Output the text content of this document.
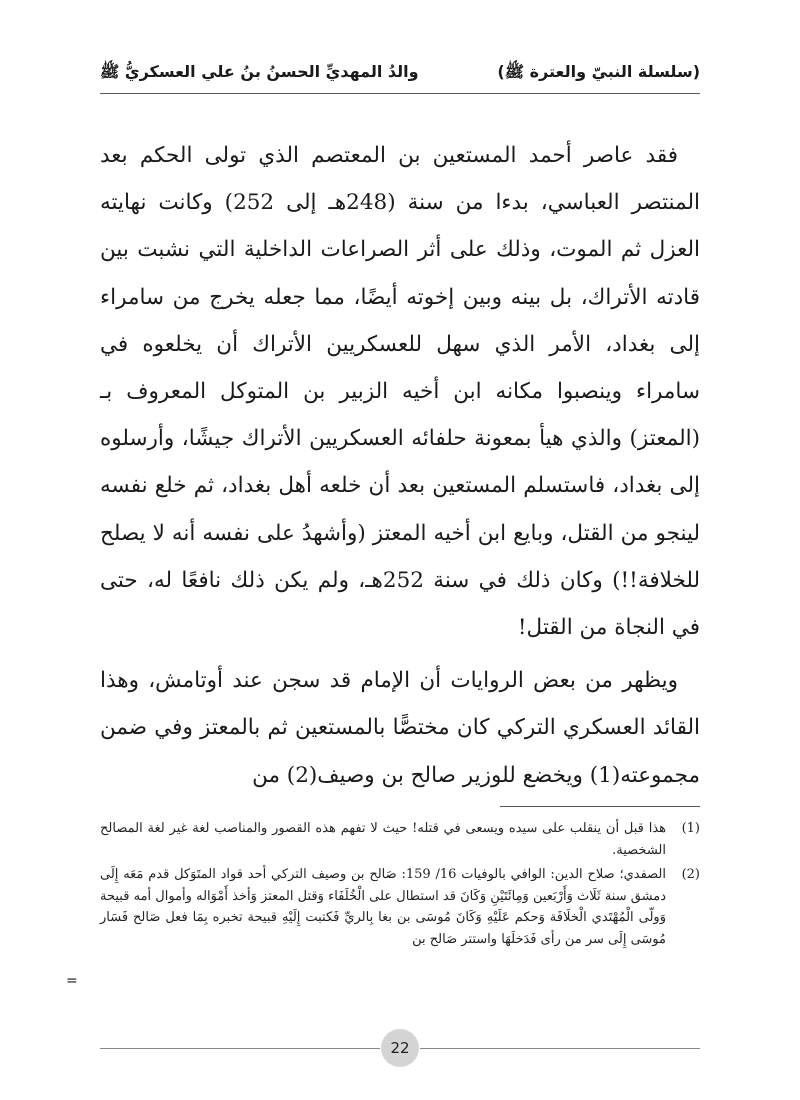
والدُ المهديِّ الحسنُ بنُ علي العسكريُّ ﷺ	(سلسلة النبيّ والعترة ﷺ)

فقد عاصر أحمد المستعين بن المعتصم الذي تولى الحكم بعد المنتصر العباسي، بدءا من سنة (248هـ إلى 252) وكانت نهايته العزل ثم الموت، وذلك على أثر الصراعات الداخلية التي نشبت بين قادته الأتراك، بل بينه وبين إخوته أيضًا، مما جعله يخرج من سامراء إلى بغداد، الأمر الذي سهل للعسكريين الأتراك أن يخلعوه في سامراء وينصبوا مكانه ابن أخيه الزبير بن المتوكل المعروف بـ (المعتز) والذي هيأ بمعونة حلفائه العسكريين الأتراك جيشًا، وأرسلوه إلى بغداد، فاستسلم المستعين بعد أن خلعه أهل بغداد، ثم خلع نفسه لينجو من القتل، وبايع ابن أخيه المعتز (وأشهدُ على نفسه أنه لا يصلح للخلافة!!) وكان ذلك في سنة 252هـ، ولم يكن ذلك نافعًا له، حتى في النجاة من القتل!

ويظهر من بعض الروايات أن الإمام قد سجن عند أوتامش، وهذا القائد العسكري التركي كان مختصًّا بالمستعين ثم بالمعتز وفي ضمن مجموعته(1) ويخضع للوزير صالح بن وصيف(2) من

(1)
هذا قبل أن ينقلب على سيده ويسعى في قتله! حيث لا تفهم هذه القصور والمناصب لغة غير لغة المصالح الشخصية.
(2)
الصفدي؛ صلاح الدين: الوافي بالوفيات 16/ 159: صَالح بن وصيف التركي أحد قواد المتَوَكل قدم مَعَه إِلَى دمشق سنة ثَلَاث وَأَرْبَعين وَمِائَتَيْنِ وَكَانَ قد استطال على الْخُلَفَاء وَقتل المعتز وَأخذ أَمْوَاله وأموال أمه قبيحة وَولّى الْمُهْتَدي الْخلَافَة وَحكم عَلَيْهِ وَكَانَ مُوسَى بن بغا بِالريِّ فَكتبت إِلَيْهِ قبيحة تخبره بِمَا فعل صَالح فَسَار مُوسَى إِلَى سر من رأى فَدَخلَهَا واستتر صَالح بن
=
22
